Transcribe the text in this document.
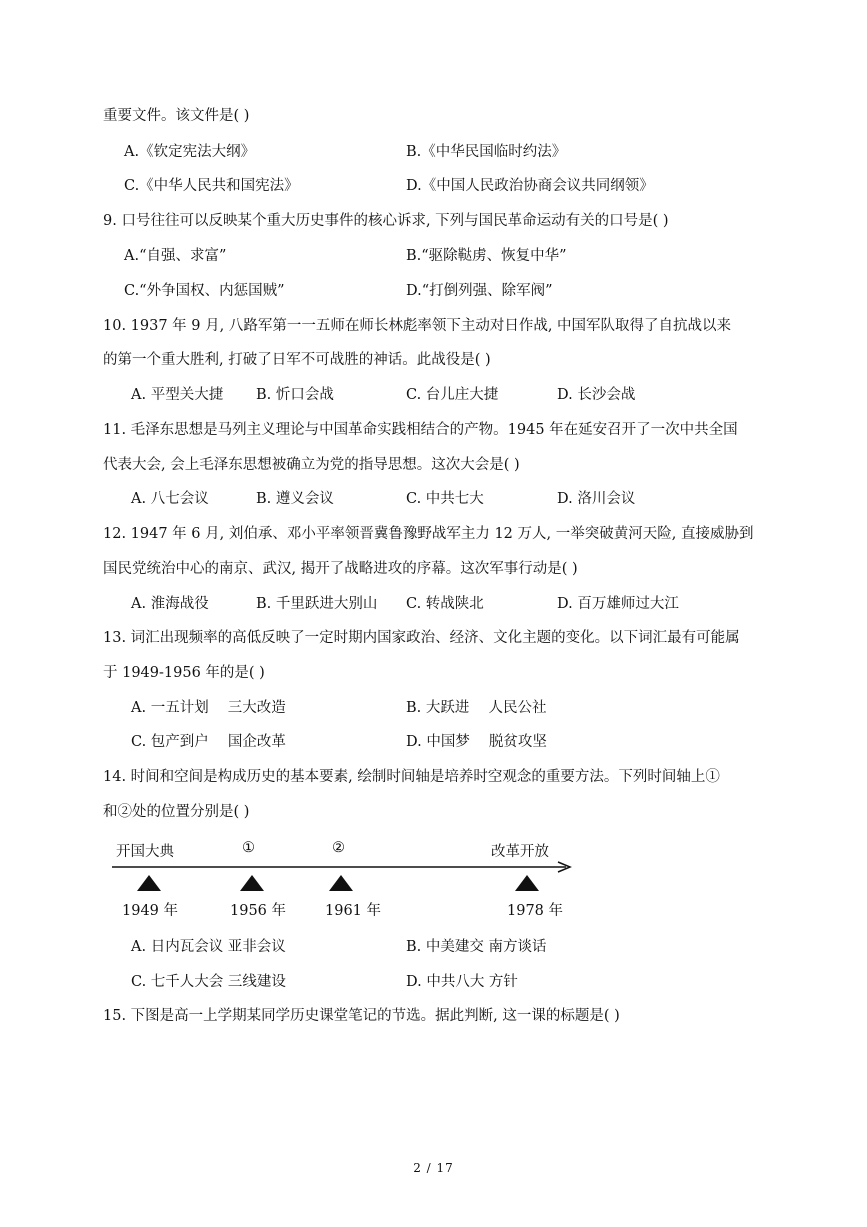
重要文件。该文件是( )
A.《钦定宪法大纲》	B.《中华民国临时约法》
C.《中华人民共和国宪法》	D.《中国人民政治协商会议共同纲领》
9. 口号往往可以反映某个重大历史事件的核心诉求, 下列与国民革命运动有关的口号是( )
A.“自强、求富”	B.“驱除鞑虏、恢复中华”
C.“外争国权、内惩国贼”	D.“打倒列强、除军阀”
10. 1937 年 9 月, 八路军第一一五师在师长林彪率领下主动对日作战, 中国军队取得了自抗战以来
的第一个重大胜利, 打破了日军不可战胜的神话。此战役是( )
A. 平型关大捷 B. 忻口会战	C. 台儿庄大捷	D. 长沙会战
11. 毛泽东思想是马列主义理论与中国革命实践相结合的产物。1945 年在延安召开了一次中共全国
代表大会, 会上毛泽东思想被确立为党的指导思想。这次大会是( )
A. 八七会议	B. 遵义会议	C. 中共七大	D. 洛川会议
12. 1947 年 6 月, 刘伯承、邓小平率领晋冀鲁豫野战军主力 12 万人, 一举突破黄河天险, 直接威胁到
国民党统治中心的南京、武汉, 揭开了战略进攻的序幕。这次军事行动是( )
A. 淮海战役	B. 千里跃进大别山 C. 转战陕北	D. 百万雄师过大江
13. 词汇出现频率的高低反映了一定时期内国家政治、经济、文化主题的变化。以下词汇最有可能属
于 1949-1956 年的是( )
A. 一五计划　 三大改造	B. 大跃进　 人民公社
C. 包产到户　 国企改革	D. 中国梦　 脱贫攻坚
14. 时间和空间是构成历史的基本要素, 绘制时间轴是培养时空观念的重要方法。下列时间轴上①
和②处的位置分别是( )
开国大典	①	②	改革开放
1949 年	1956 年	1961 年	1978 年
A. 日内瓦会议 亚非会议	B. 中美建交 南方谈话
C. 七千人大会 三线建设	D. 中共八大 方针
15. 下图是高一上学期某同学历史课堂笔记的节选。据此判断, 这一课的标题是( )
2 / 17
